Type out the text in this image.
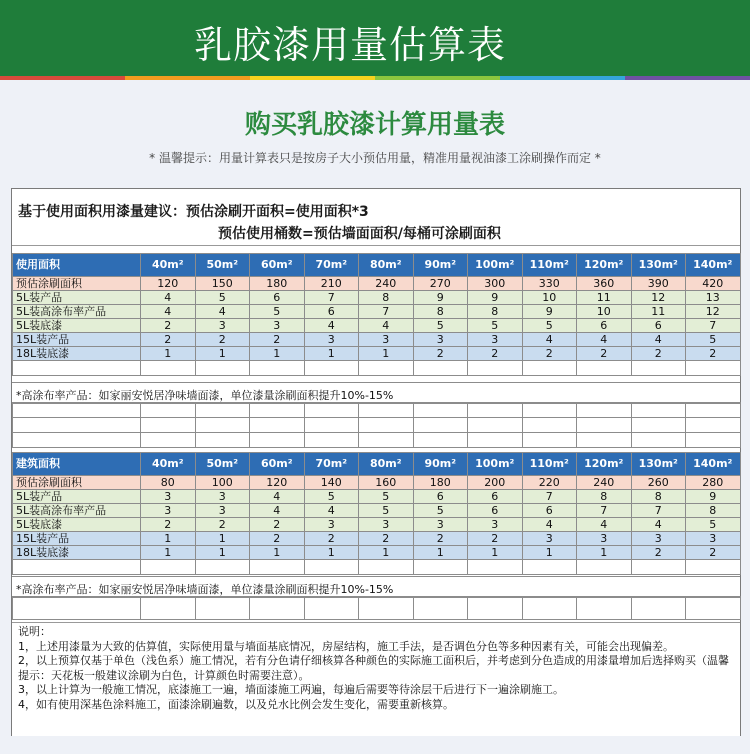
乳胶漆用量估算表
购买乳胶漆计算用量表
* 温馨提示：用量计算表只是按房子大小预估用量，精准用量视油漆工涂刷操作而定 *
基于使用面积用漆量建议：预估涂刷开面积=使用面积*3
预估使用桶数=预估墙面面积/每桶可涂刷面积
使用面积	40m²	50m²	60m²	70m²	80m²	90m²	100m²	110m²	120m²	130m²	140m²
预估涂刷面积	120	150	180	210	240	270	300	330	360	390	420
5L装产品	4	5	6	7	8	9	9	10	11	12	13
5L装高涂布率产品	4	4	5	6	7	8	8	9	10	11	12
5L装底漆	2	3	3	4	4	5	5	5	6	6	7
15L装产品	2	2	2	3	3	3	3	4	4	4	5
18L装底漆	1	1	1	1	1	2	2	2	2	2	2

*高涂布率产品：如家丽安悦居净味墙面漆，单位漆量涂刷面积提升10%-15%

建筑面积	40m²	50m²	60m²	70m²	80m²	90m²	100m²	110m²	120m²	130m²	140m²
预估涂刷面积	80	100	120	140	160	180	200	220	240	260	280
5L装产品	3	3	4	5	5	6	6	7	8	8	9
5L装高涂布率产品	3	3	4	4	5	5	6	6	7	7	8
5L装底漆	2	2	2	3	3	3	3	4	4	4	5
15L装产品	1	1	2	2	2	2	2	3	3	3	3
18L装底漆	1	1	1	1	1	1	1	1	1	2	2

*高涂布率产品：如家丽安悦居净味墙面漆，单位漆量涂刷面积提升10%-15%

说明：

1，上述用漆量为大致的估算值，实际使用量与墙面基底情况，房屋结构，施工手法，是否调色分色等多种因素有关，可能会出现偏差。

2，以上预算仅基于单色（浅色系）施工情况，若有分色请仔细核算各种颜色的实际施工面积后，并考虑到分色造成的用漆量增加后选择购买（温馨提示：天花板一般建议涂刷为白色，计算颜色时需要注意）。

3，以上计算为一般施工情况，底漆施工一遍，墙面漆施工两遍，每遍后需要等待涂层干后进行下一遍涂刷施工。

4，如有使用深基色涂料施工，面漆涂刷遍数，以及兑水比例会发生变化，需要重新核算。
